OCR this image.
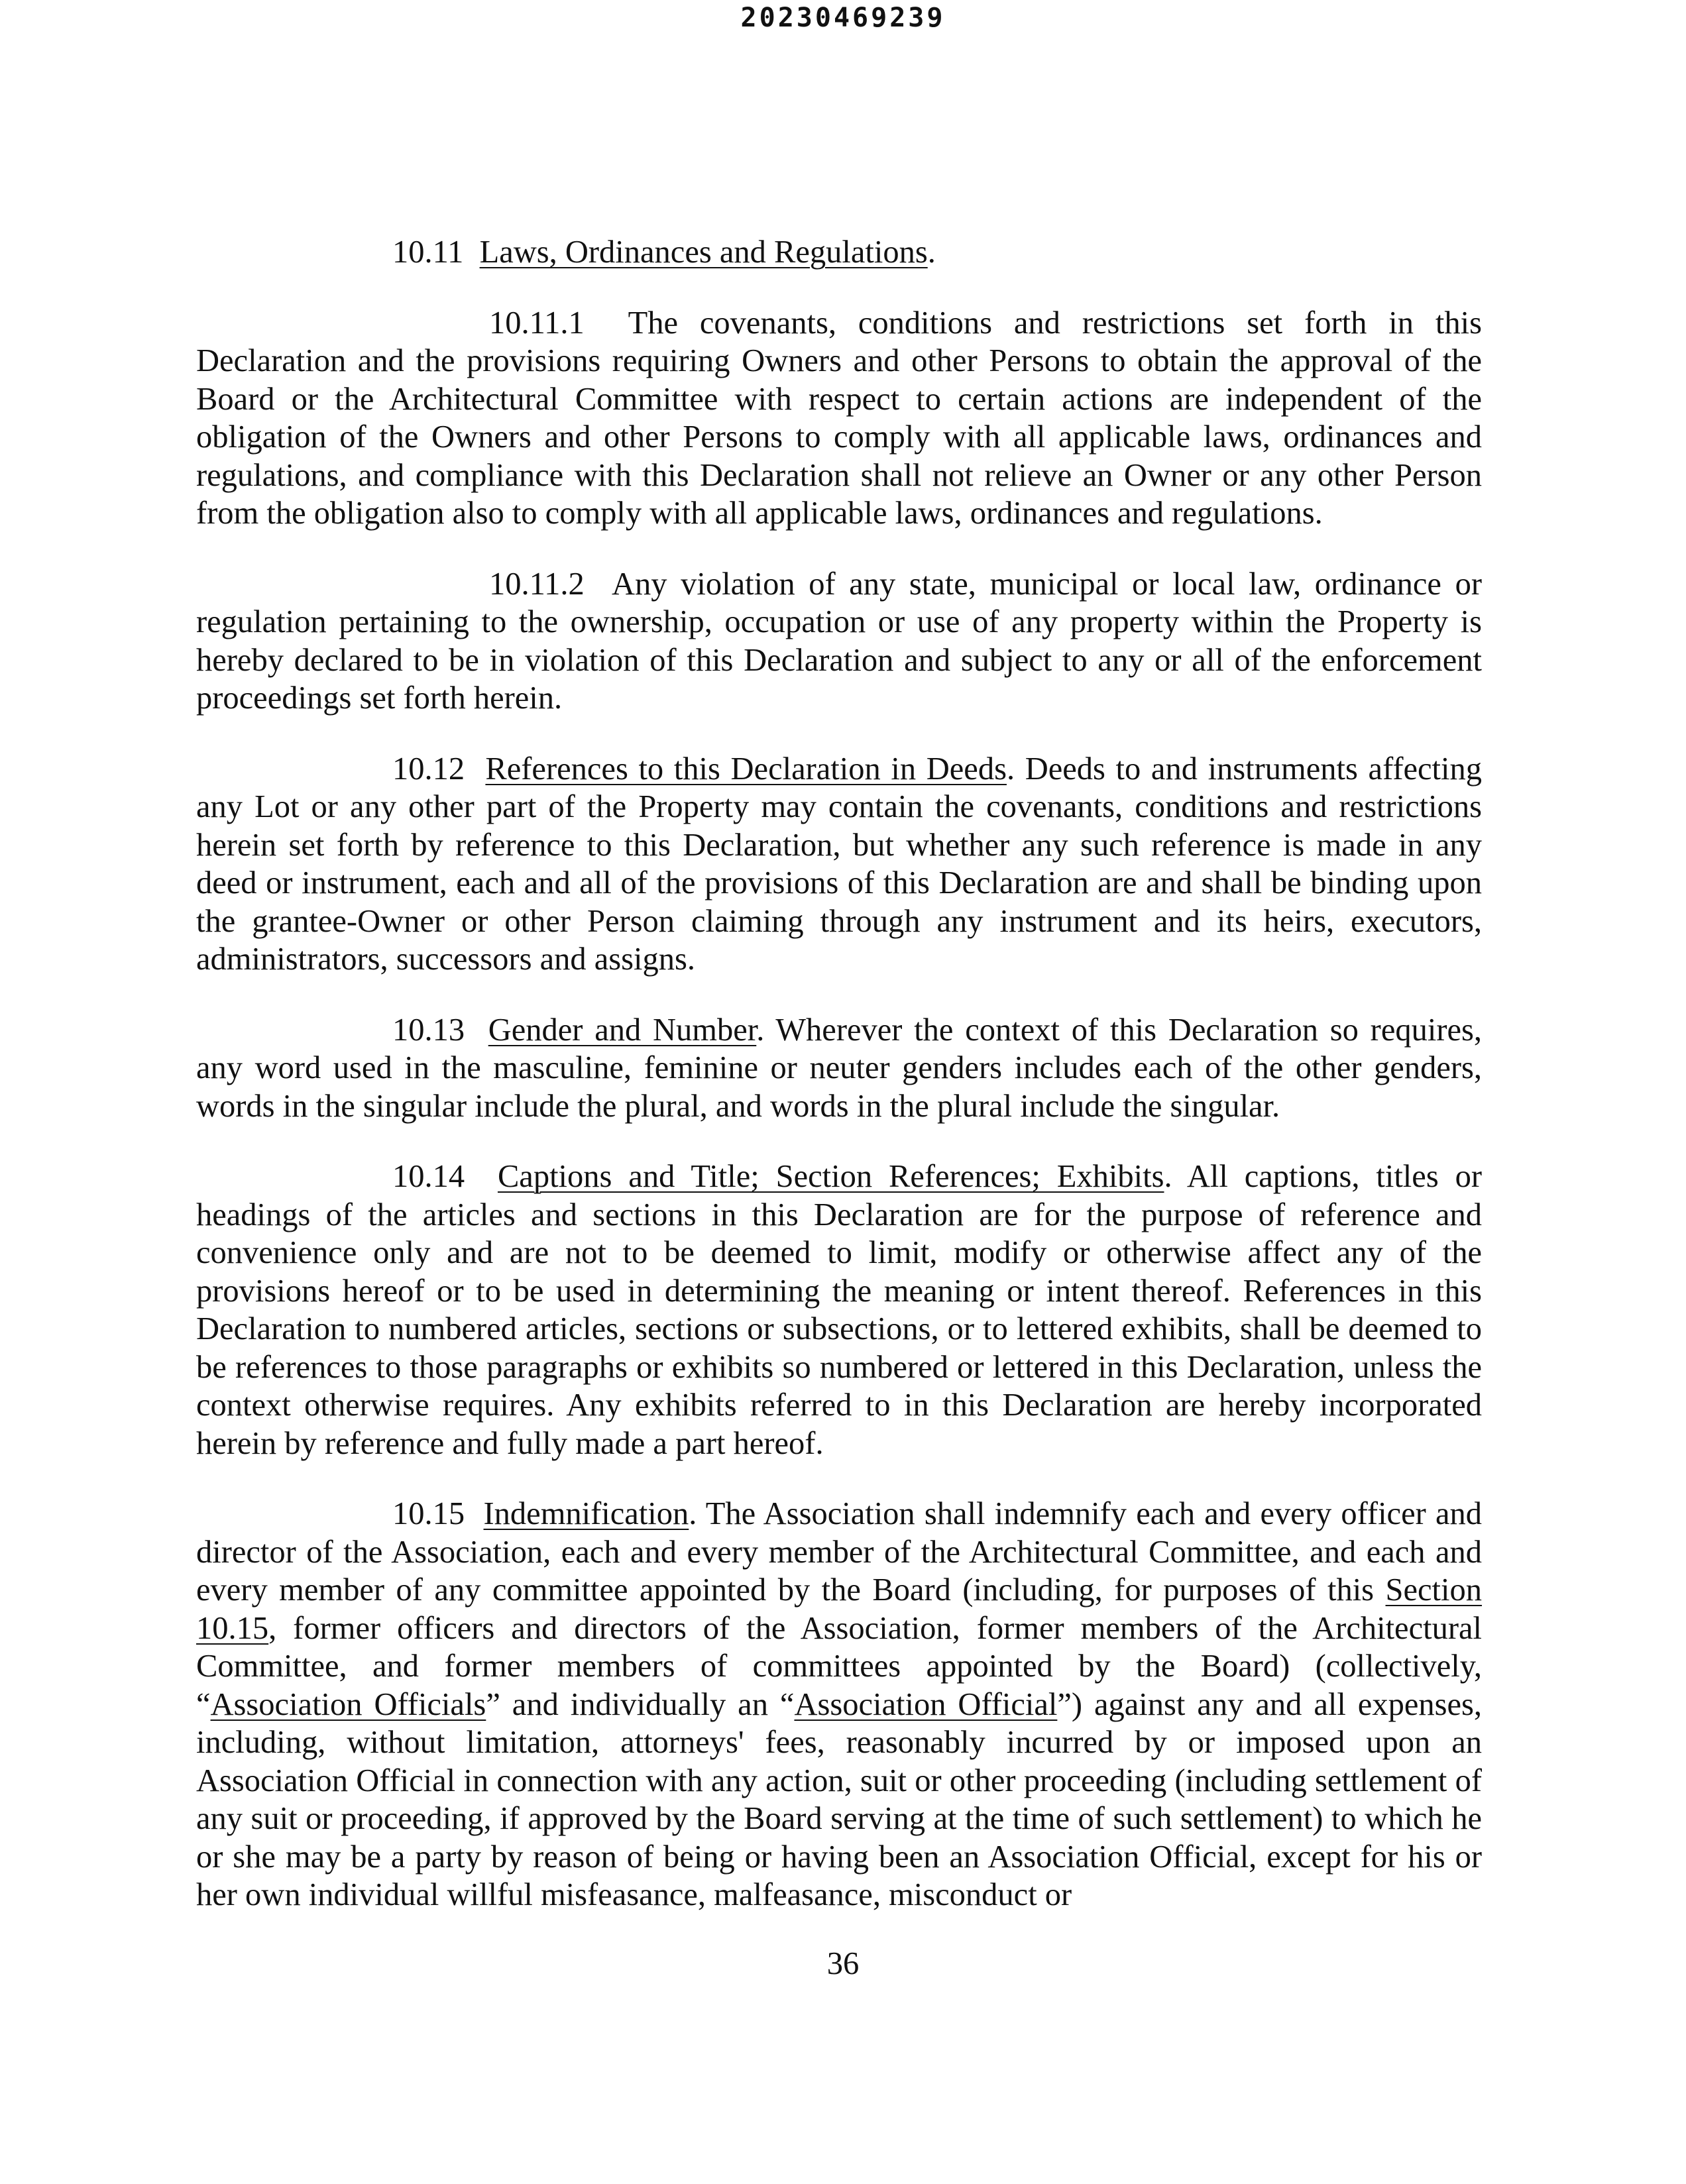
20230469239

10.11 Laws, Ordinances and Regulations.

10.11.1 The covenants, conditions and restrictions set forth in this Declaration and the provisions requiring Owners and other Persons to obtain the approval of the Board or the Architectural Committee with respect to certain actions are independent of the obligation of the Owners and other Persons to comply with all applicable laws, ordinances and regulations, and compliance with this Declaration shall not relieve an Owner or any other Person from the obligation also to comply with all applicable laws, ordinances and regulations.

10.11.2 Any violation of any state, municipal or local law, ordinance or regulation pertaining to the ownership, occupation or use of any property within the Property is hereby declared to be in violation of this Declaration and subject to any or all of the enforcement proceedings set forth herein.

10.12 References to this Declaration in Deeds. Deeds to and instruments affecting any Lot or any other part of the Property may contain the covenants, conditions and restrictions herein set forth by reference to this Declaration, but whether any such reference is made in any deed or instrument, each and all of the provisions of this Declaration are and shall be binding upon the grantee-Owner or other Person claiming through any instrument and its heirs, executors, administrators, successors and assigns.

10.13 Gender and Number. Wherever the context of this Declaration so requires, any word used in the masculine, feminine or neuter genders includes each of the other genders, words in the singular include the plural, and words in the plural include the singular.

10.14 Captions and Title; Section References; Exhibits. All captions, titles or headings of the articles and sections in this Declaration are for the purpose of reference and convenience only and are not to be deemed to limit, modify or otherwise affect any of the provisions hereof or to be used in determining the meaning or intent thereof. References in this Declaration to numbered articles, sections or subsections, or to lettered exhibits, shall be deemed to be references to those paragraphs or exhibits so numbered or lettered in this Declaration, unless the context otherwise requires. Any exhibits referred to in this Declaration are hereby incorporated herein by reference and fully made a part hereof.

10.15 Indemnification. The Association shall indemnify each and every officer and director of the Association, each and every member of the Architectural Committee, and each and every member of any committee appointed by the Board (including, for purposes of this Section 10.15, former officers and directors of the Association, former members of the Architectural Committee, and former members of committees appointed by the Board) (collectively, “Association Officials” and individually an “Association Official”) against any and all expenses, including, without limitation, attorneys' fees, reasonably incurred by or imposed upon an Association Official in connection with any action, suit or other proceeding (including settlement of any suit or proceeding, if approved by the Board serving at the time of such settlement) to which he or she may be a party by reason of being or having been an Association Official, except for his or her own individual willful misfeasance, malfeasance, misconduct or

36
